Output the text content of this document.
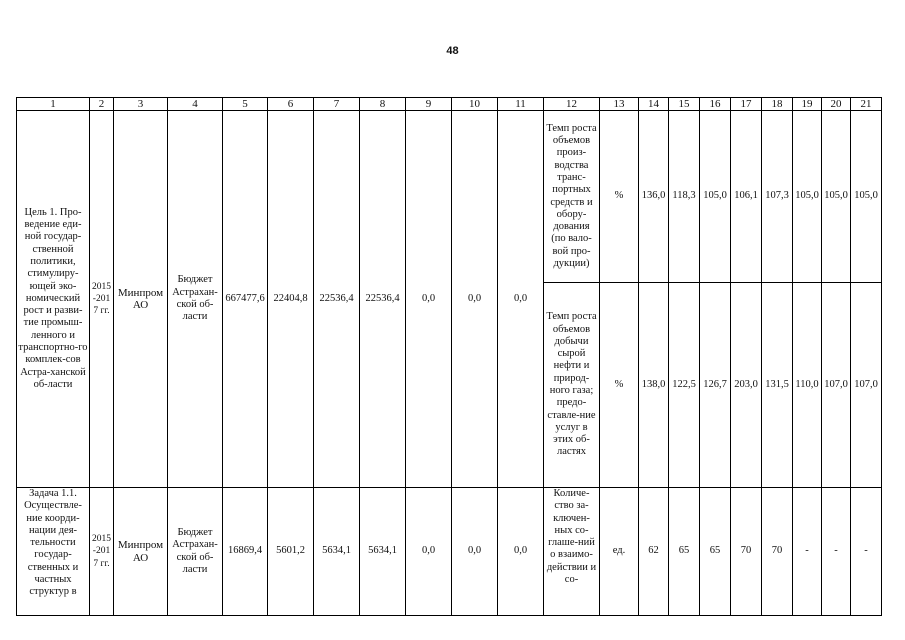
48
1	2	3	4	5	6	7	8	9	10	11	12	13	14	15	16	17	18	19	20	21
Цель 1. Про-ведение еди-ной государ-ственной политики, стимулиру-ющей эко-номический рост и разви-тие промыш-ленного и транспортно-го комплек-сов Астра-ханской об-ласти	2015-2017 гг.	Минпром АО	Бюджет Астрахан-ской об-ласти	667477,6	22404,8	22536,4	22536,4	0,0	0,0	0,0	Темп роста объемов произ-водства транс-портных средств и обору-дования (по вало-вой про-дукции)	%	136,0	118,3	105,0	106,1	107,3	105,0	105,0	105,0
											Темп роста объемов добычи сырой нефти и природ-ного газа; предо-ставле-ние услуг в этих об-ластях	%	138,0	122,5	126,7	203,0	131,5	110,0	107,0	107,0
Задача 1.1. Осуществле-ние коорди-нации дея-тельности государ-ственных и частных структур в	2015-2017 гг.	Минпром АО	Бюджет Астрахан-ской об-ласти	16869,4	5601,2	5634,1	5634,1	0,0	0,0	0,0	Количе-ство за-ключен-ных со-глаше-ний о взаимо-действии и со-	ед.	62	65	65	70	70	-	-	-
